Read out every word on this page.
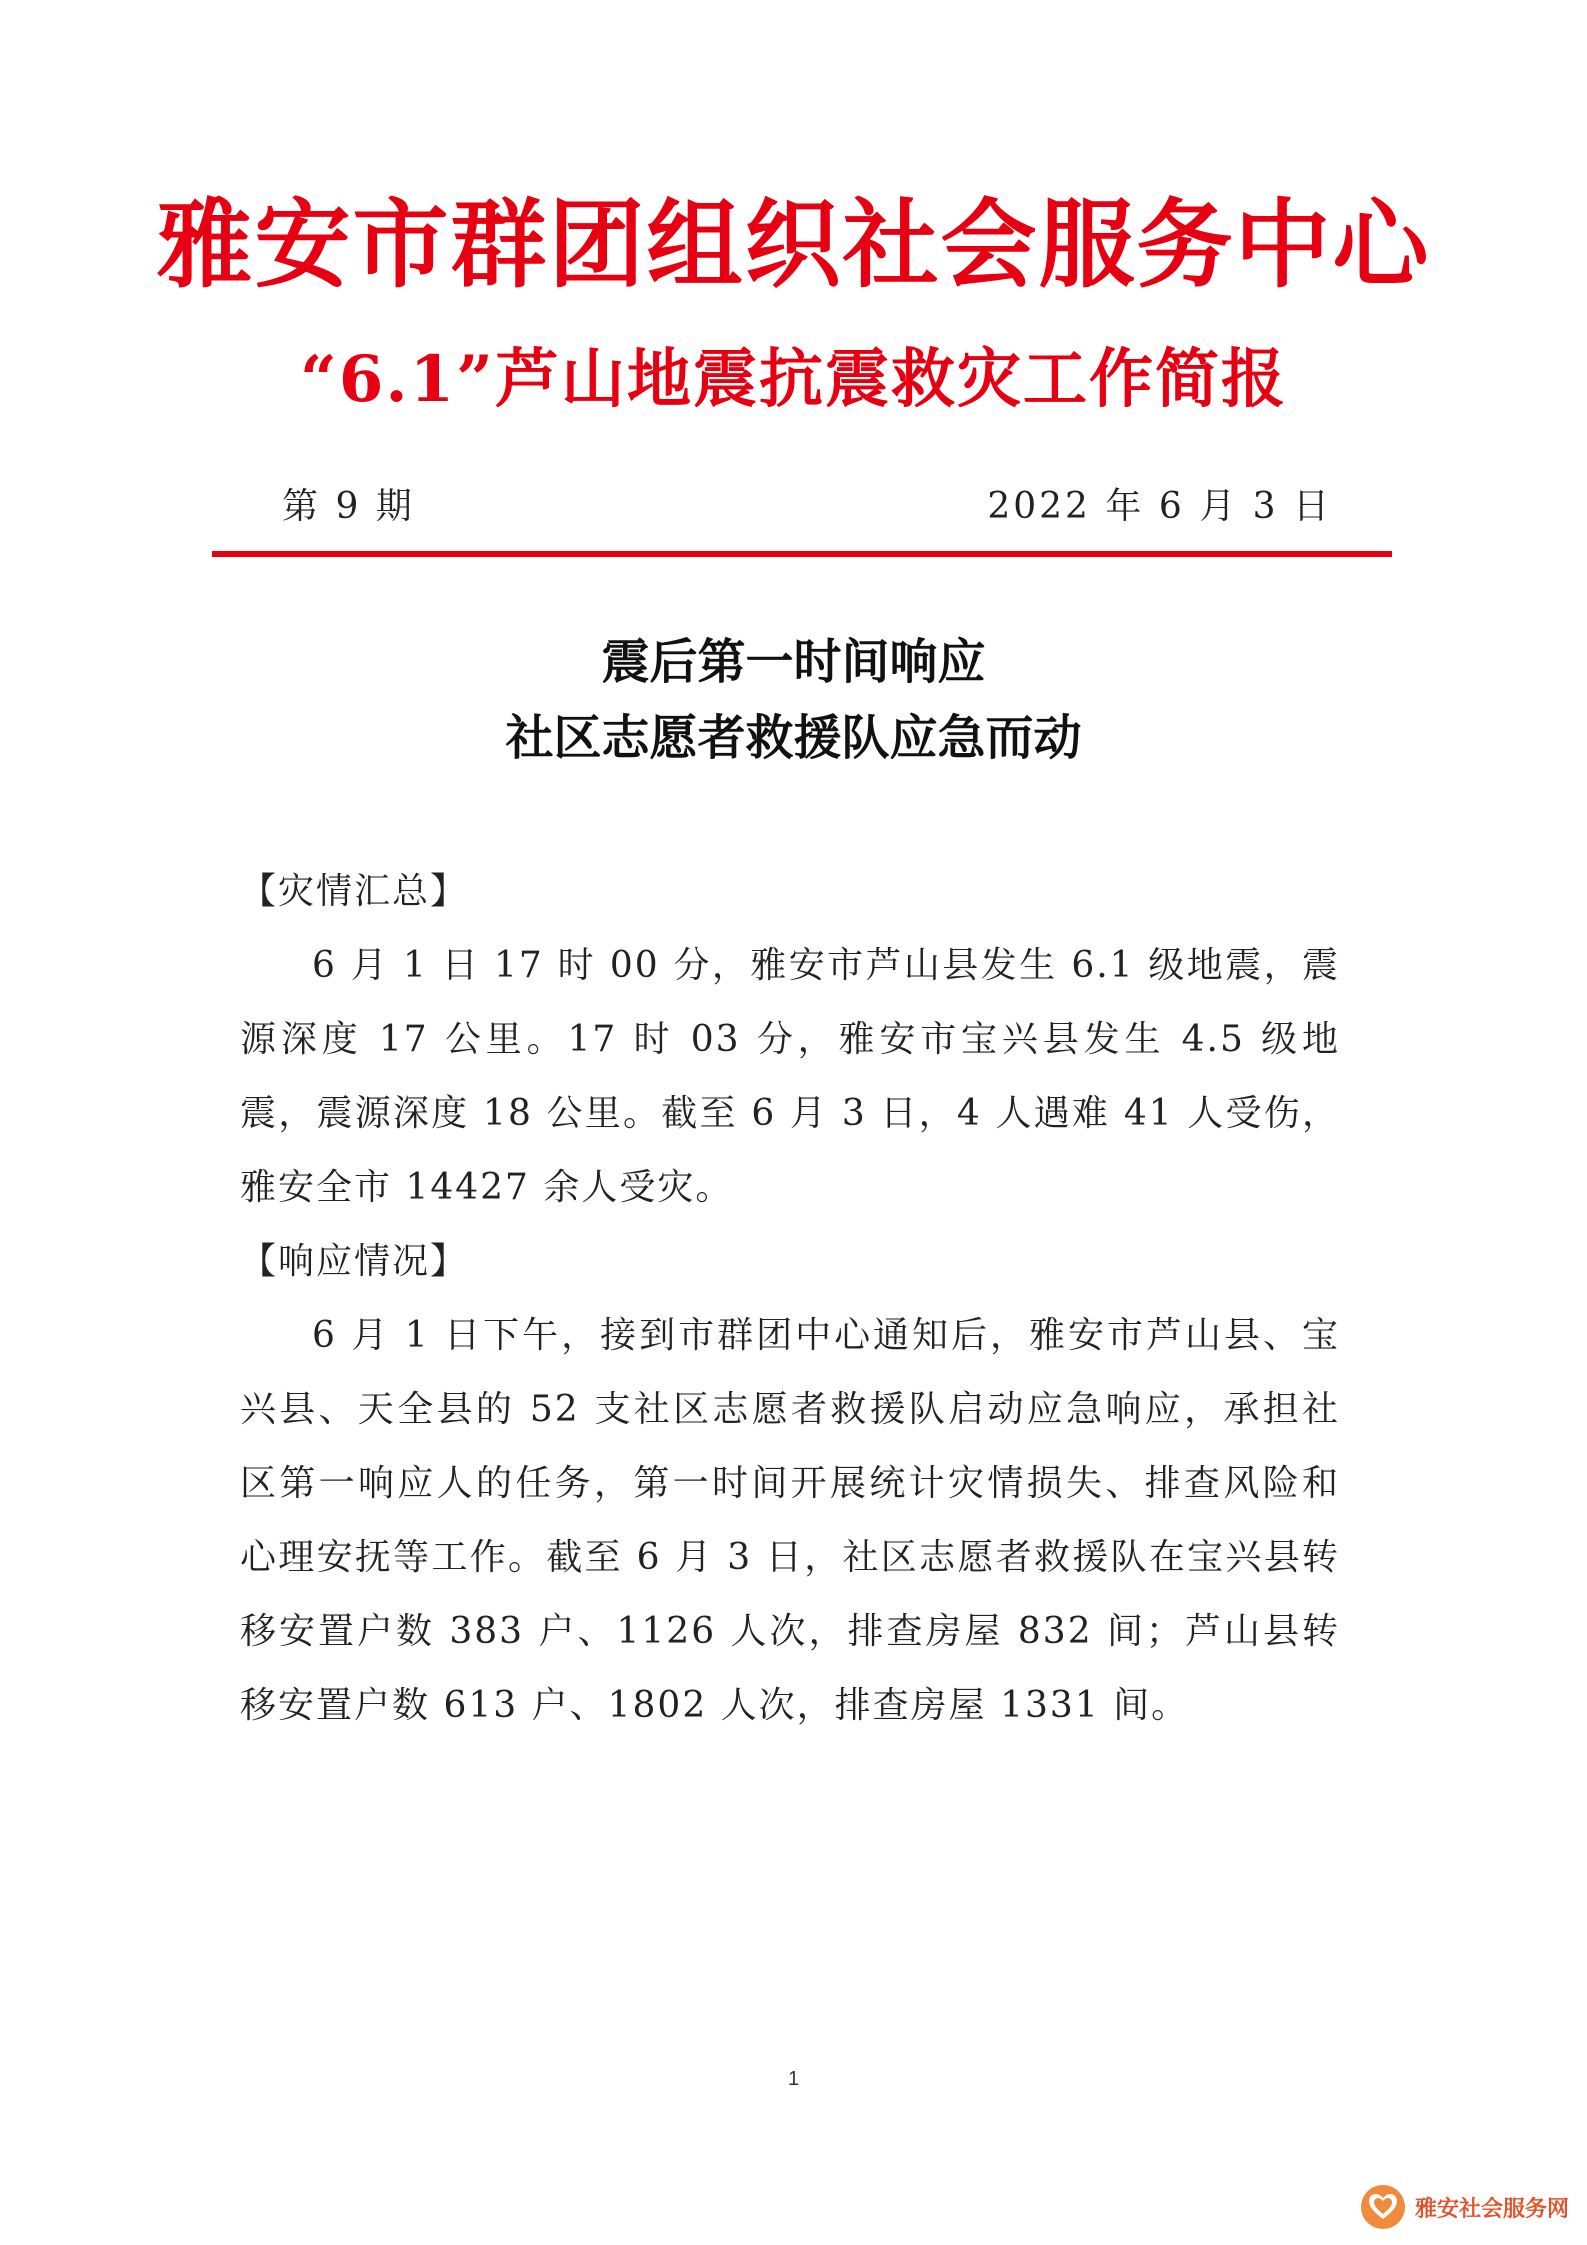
雅安市群团组织社会服务中心
“6.1”芦山地震抗震救灾工作简报
第 9 期	2022 年 6 月 3 日
震后第一时间响应
社区志愿者救援队应急而动

【灾情汇总】

6 月 1 日 17 时 00 分，雅安市芦山县发生 6.1 级地震，震源深度 17 公里。17 时 03 分，雅安市宝兴县发生 4.5 级地震，震源深度 18 公里。截至 6 月 3 日，4 人遇难 41 人受伤，雅安全市 14427 余人受灾。

【响应情况】

6 月 1 日下午，接到市群团中心通知后，雅安市芦山县、宝兴县、天全县的 52 支社区志愿者救援队启动应急响应，承担社区第一响应人的任务，第一时间开展统计灾情损失、排查风险和心理安抚等工作。截至 6 月 3 日，社区志愿者救援队在宝兴县转移安置户数 383 户、1126 人次，排查房屋 832 间；芦山县转移安置户数 613 户、1802 人次，排查房屋 1331 间。

1
雅安社会服务网
